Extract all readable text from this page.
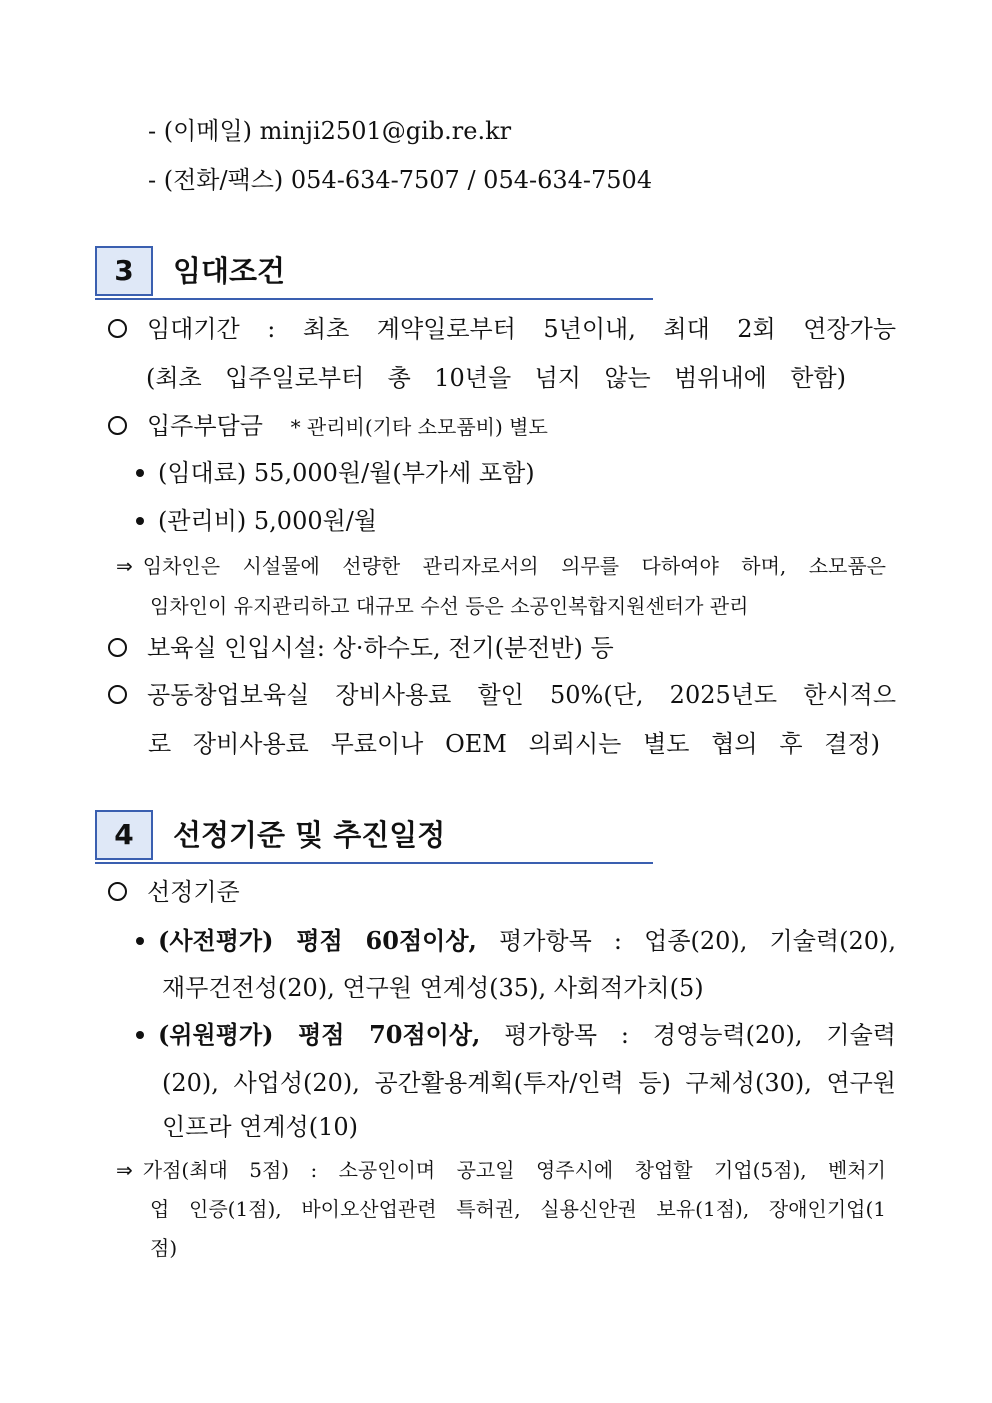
- (이메일) minji2501@gib.re.kr
- (전화/팩스) 054-634-7507 / 054-634-7504
3	임대조건
임대기간 : 최초 계약일로부터 5년이내, 최대 2회 연장가능
(최초 입주일로부터 총 10년을 넘지 않는 범위내에 한함)
입주부담금 * 관리비(기타 소모품비) 별도
(임대료) 55,000원/월(부가세 포함)
(관리비) 5,000원/월
⇒ 임차인은 시설물에 선량한 관리자로서의 의무를 다하여야 하며, 소모품은
임차인이 유지관리하고 대규모 수선 등은 소공인복합지원센터가 관리
보육실 인입시설: 상·하수도, 전기(분전반) 등
공동창업보육실 장비사용료 할인 50%(단, 2025년도 한시적으
로 장비사용료 무료이나 OEM 의뢰시는 별도 협의 후 결정)
4	선정기준 및 추진일정
선정기준
(사전평가) 평점 60점이상, 평가항목 : 업종(20), 기술력(20),
재무건전성(20), 연구원 연계성(35), 사회적가치(5)
(위원평가) 평점 70점이상, 평가항목 : 경영능력(20), 기술력
(20), 사업성(20), 공간활용계획(투자/인력 등) 구체성(30), 연구원
인프라 연계성(10)
⇒ 가점(최대 5점) : 소공인이며 공고일 영주시에 창업할 기업(5점), 벤처기
업 인증(1점), 바이오산업관련 특허권, 실용신안권 보유(1점), 장애인기업(1
점)
